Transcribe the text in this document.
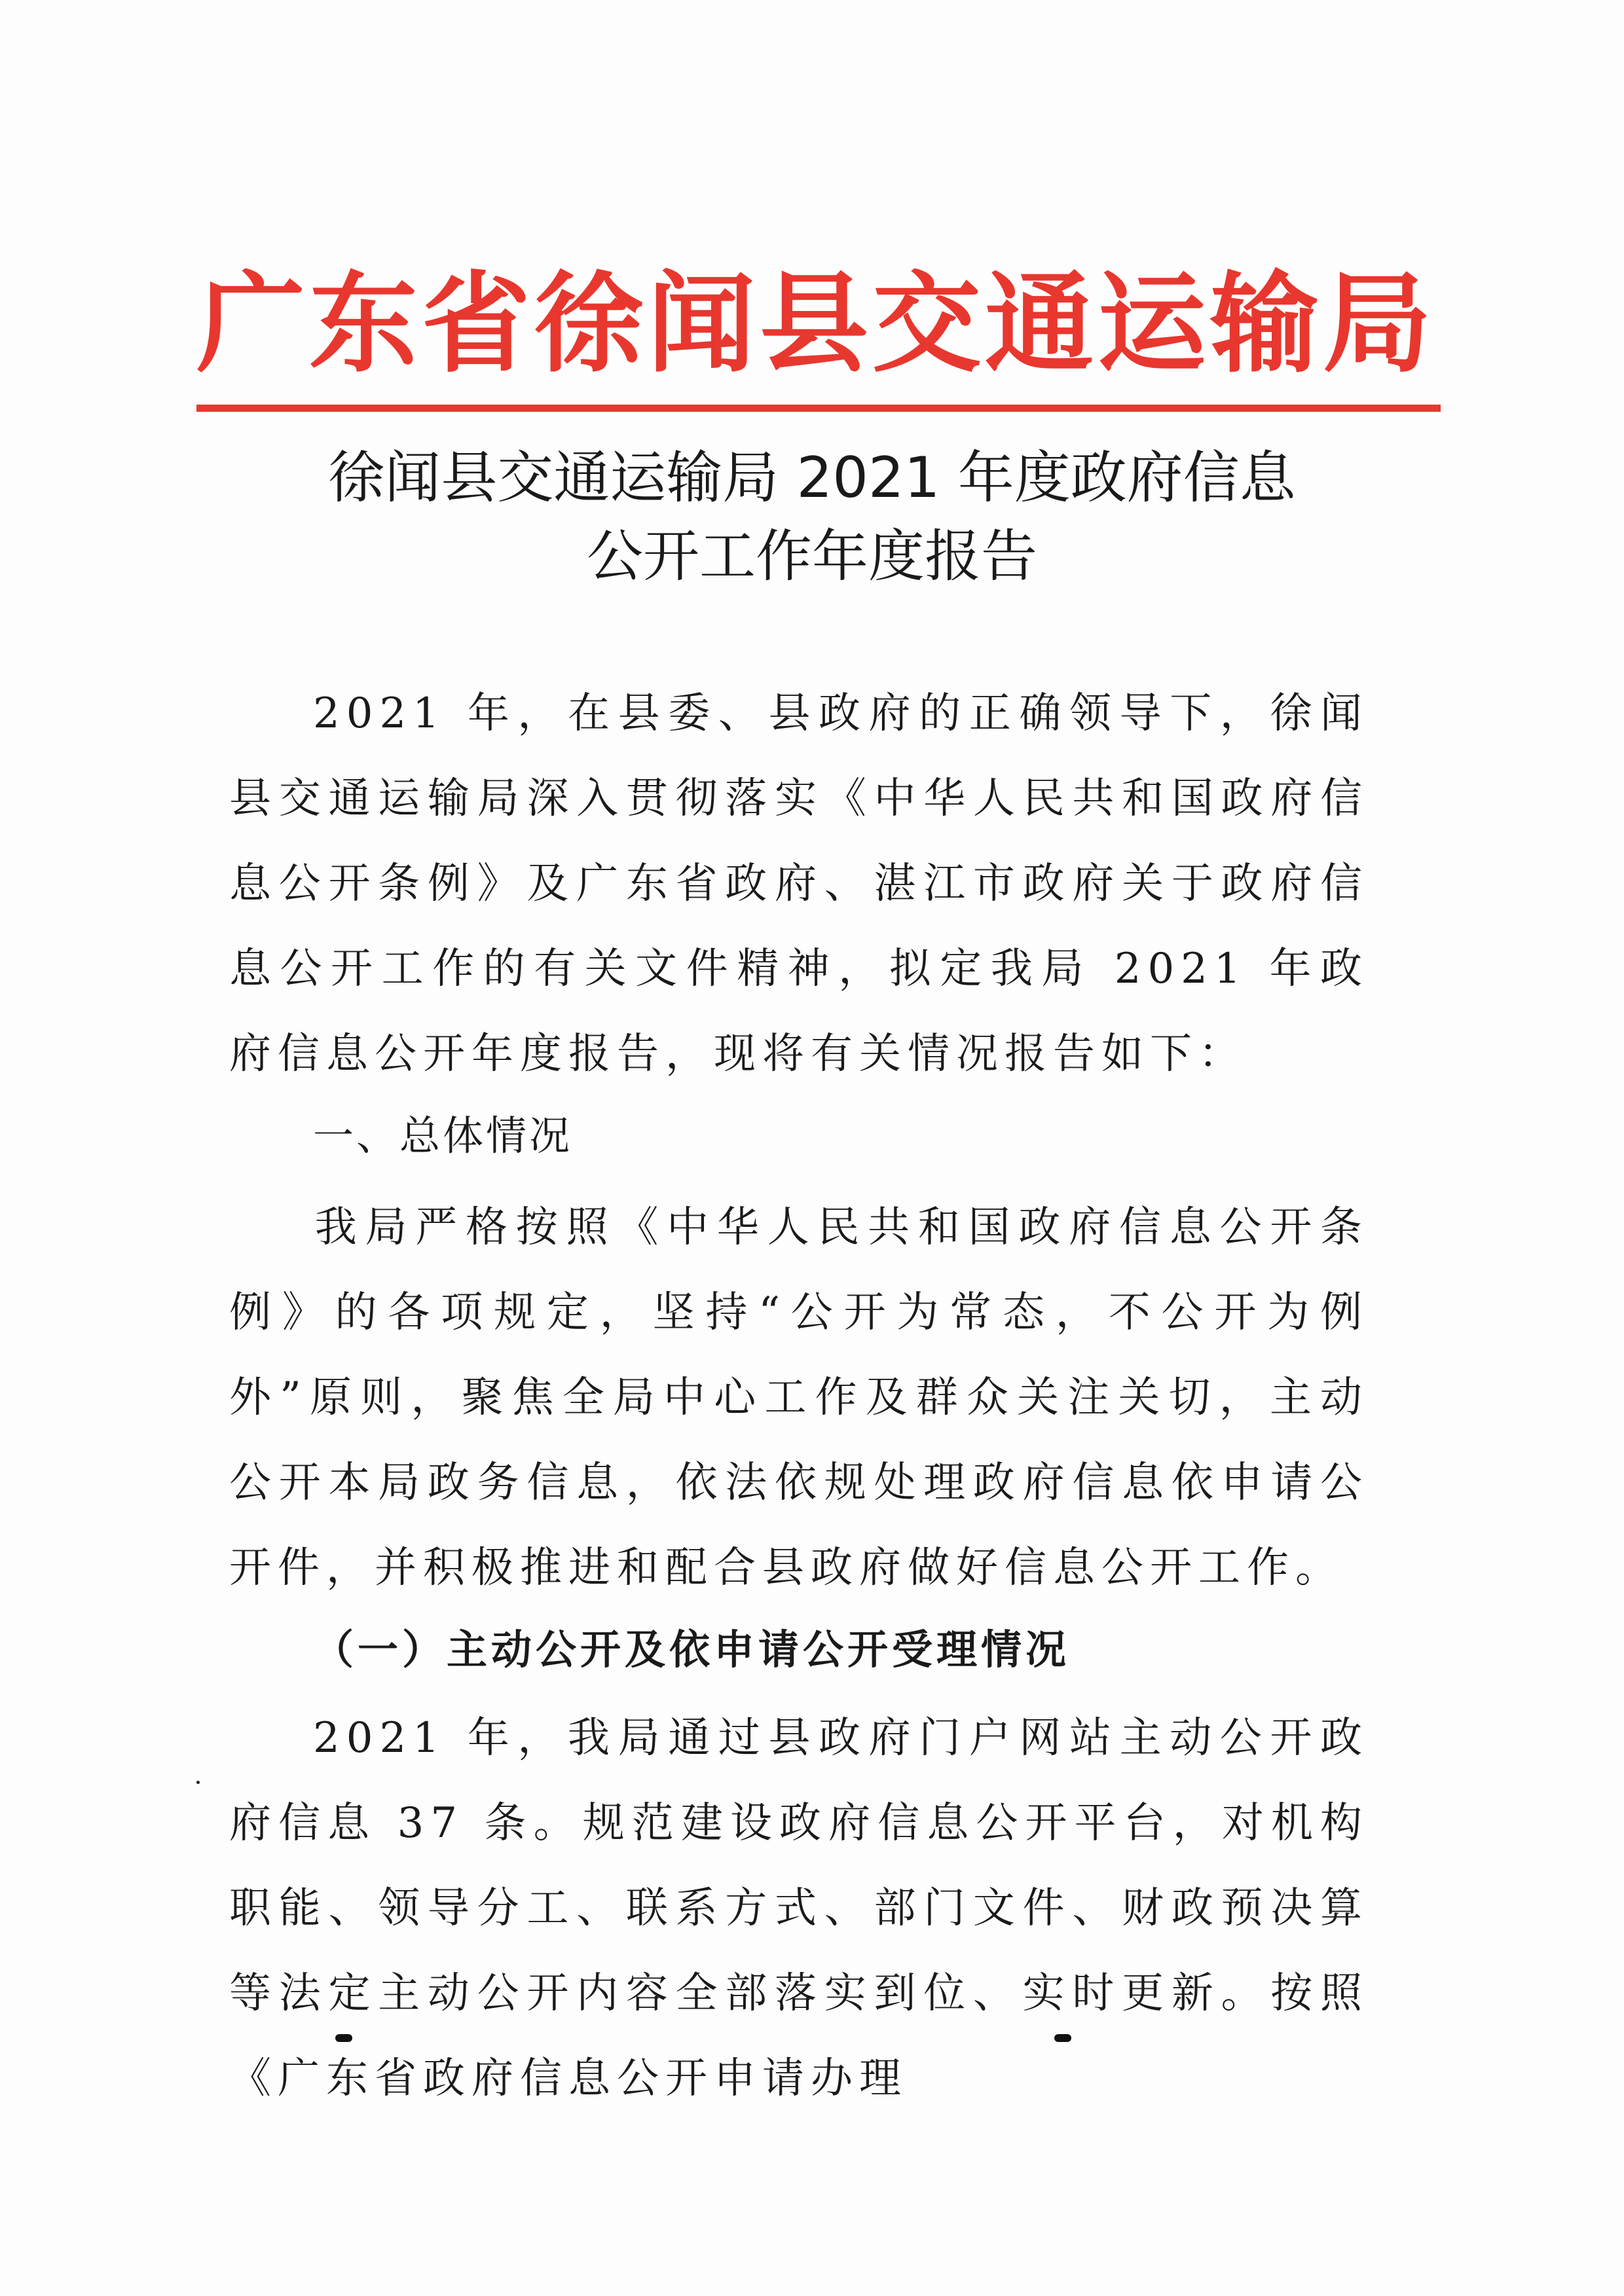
广东省徐闻县交通运输局
徐闻县交通运输局 2021 年度政府信息
公开工作年度报告
2021 年，在县委、县政府的正确领导下，徐闻县交通运输局深入贯彻落实《中华人民共和国政府信息公开条例》及广东省政府、湛江市政府关于政府信息公开工作的有关文件精神，拟定我局 2021 年政府信息公开年度报告，现将有关情况报告如下：
一、总体情况
我局严格按照《中华人民共和国政府信息公开条例》的各项规定，坚持“公开为常态，不公开为例外”原则，聚焦全局中心工作及群众关注关切，主动公开本局政务信息，依法依规处理政府信息依申请公开件，并积极推进和配合县政府做好信息公开工作。
（一）主动公开及依申请公开受理情况
2021 年，我局通过县政府门户网站主动公开政府信息 37 条。规范建设政府信息公开平台，对机构职能、领导分工、联系方式、部门文件、财政预决算等法定主动公开内容全部落实到位、实时更新。按照《广东省政府信息公开申请办理
